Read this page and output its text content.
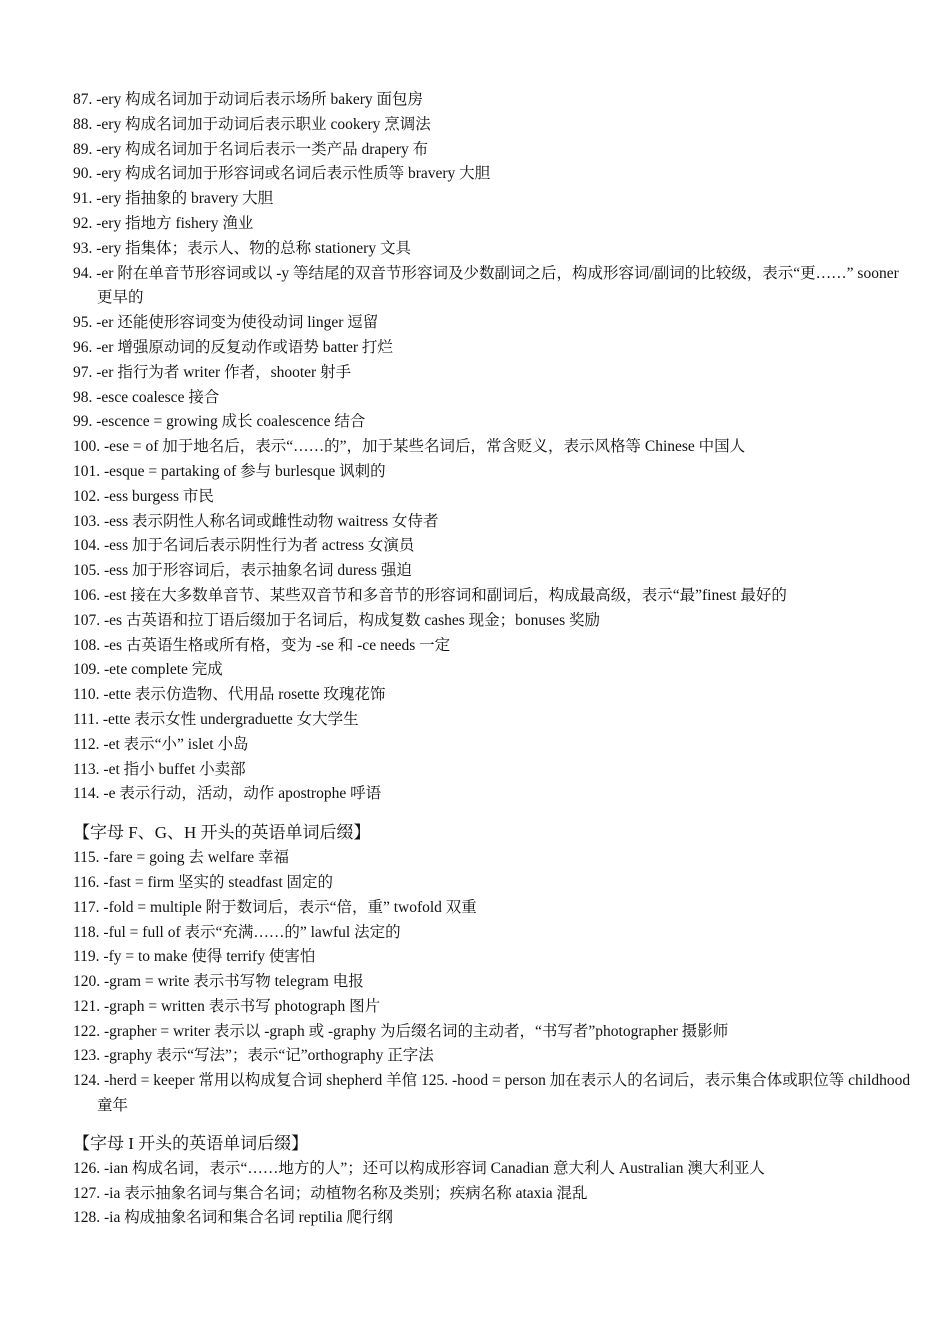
87. -ery 构成名词加于动词后表示场所 bakery 面包房
88. -ery 构成名词加于动词后表示职业 cookery 烹调法
89. -ery 构成名词加于名词后表示一类产品 drapery 布
90. -ery 构成名词加于形容词或名词后表示性质等 bravery 大胆
91. -ery 指抽象的 bravery 大胆
92. -ery 指地方 fishery 渔业
93. -ery 指集体；表示人、物的总称 stationery 文具
94. -er 附在单音节形容词或以 -y 等结尾的双音节形容词及少数副词之后，构成形容词/副词的比较级，表示“更……” sooner 更早的
95. -er 还能使形容词变为使役动词 linger 逗留
96. -er 增强原动词的反复动作或语势 batter 打烂
97. -er 指行为者 writer 作者，shooter 射手
98. -esce coalesce 接合
99. -escence = growing 成长 coalescence 结合
100. -ese = of 加于地名后，表示“……的”，加于某些名词后，常含贬义，表示风格等 Chinese 中国人
101. -esque = partaking of 参与 burlesque 讽刺的
102. -ess burgess 市民
103. -ess 表示阴性人称名词或雌性动物 waitress 女侍者
104. -ess 加于名词后表示阴性行为者 actress 女演员
105. -ess 加于形容词后，表示抽象名词 duress 强迫
106. -est 接在大多数单音节、某些双音节和多音节的形容词和副词后，构成最高级，表示“最”finest 最好的
107. -es 古英语和拉丁语后缀加于名词后，构成复数 cashes 现金；bonuses 奖励
108. -es 古英语生格或所有格，变为 -se 和 -ce needs 一定
109. -ete complete 完成
110. -ette 表示仿造物、代用品 rosette 玫瑰花饰
111. -ette 表示女性 undergraduette 女大学生
112. -et 表示“小” islet 小岛
113. -et 指小 buffet 小卖部
114. -e 表示行动，活动，动作 apostrophe 呼语
【字母 F、G、H 开头的英语单词后缀】
115. -fare = going 去 welfare 幸福
116. -fast = firm 坚实的 steadfast 固定的
117. -fold = multiple 附于数词后，表示“倍，重” twofold 双重
118. -ful = full of 表示“充满……的” lawful 法定的
119. -fy = to make 使得 terrify 使害怕
120. -gram = write 表示书写物 telegram 电报
121. -graph = written 表示书写 photograph 图片
122. -grapher = writer 表示以 -graph 或 -graphy 为后缀名词的主动者，“书写者”photographer 摄影师
123. -graphy 表示“写法”；表示“记”orthography 正字法
124. -herd = keeper 常用以构成复合词 shepherd 羊倌 125. -hood = person 加在表示人的名词后，表示集合体或职位等 childhood 童年
【字母 I 开头的英语单词后缀】
126. -ian 构成名词，表示“……地方的人”；还可以构成形容词 Canadian 意大利人 Australian 澳大利亚人
127. -ia 表示抽象名词与集合名词；动植物名称及类别；疾病名称 ataxia 混乱
128. -ia 构成抽象名词和集合名词 reptilia 爬行纲
